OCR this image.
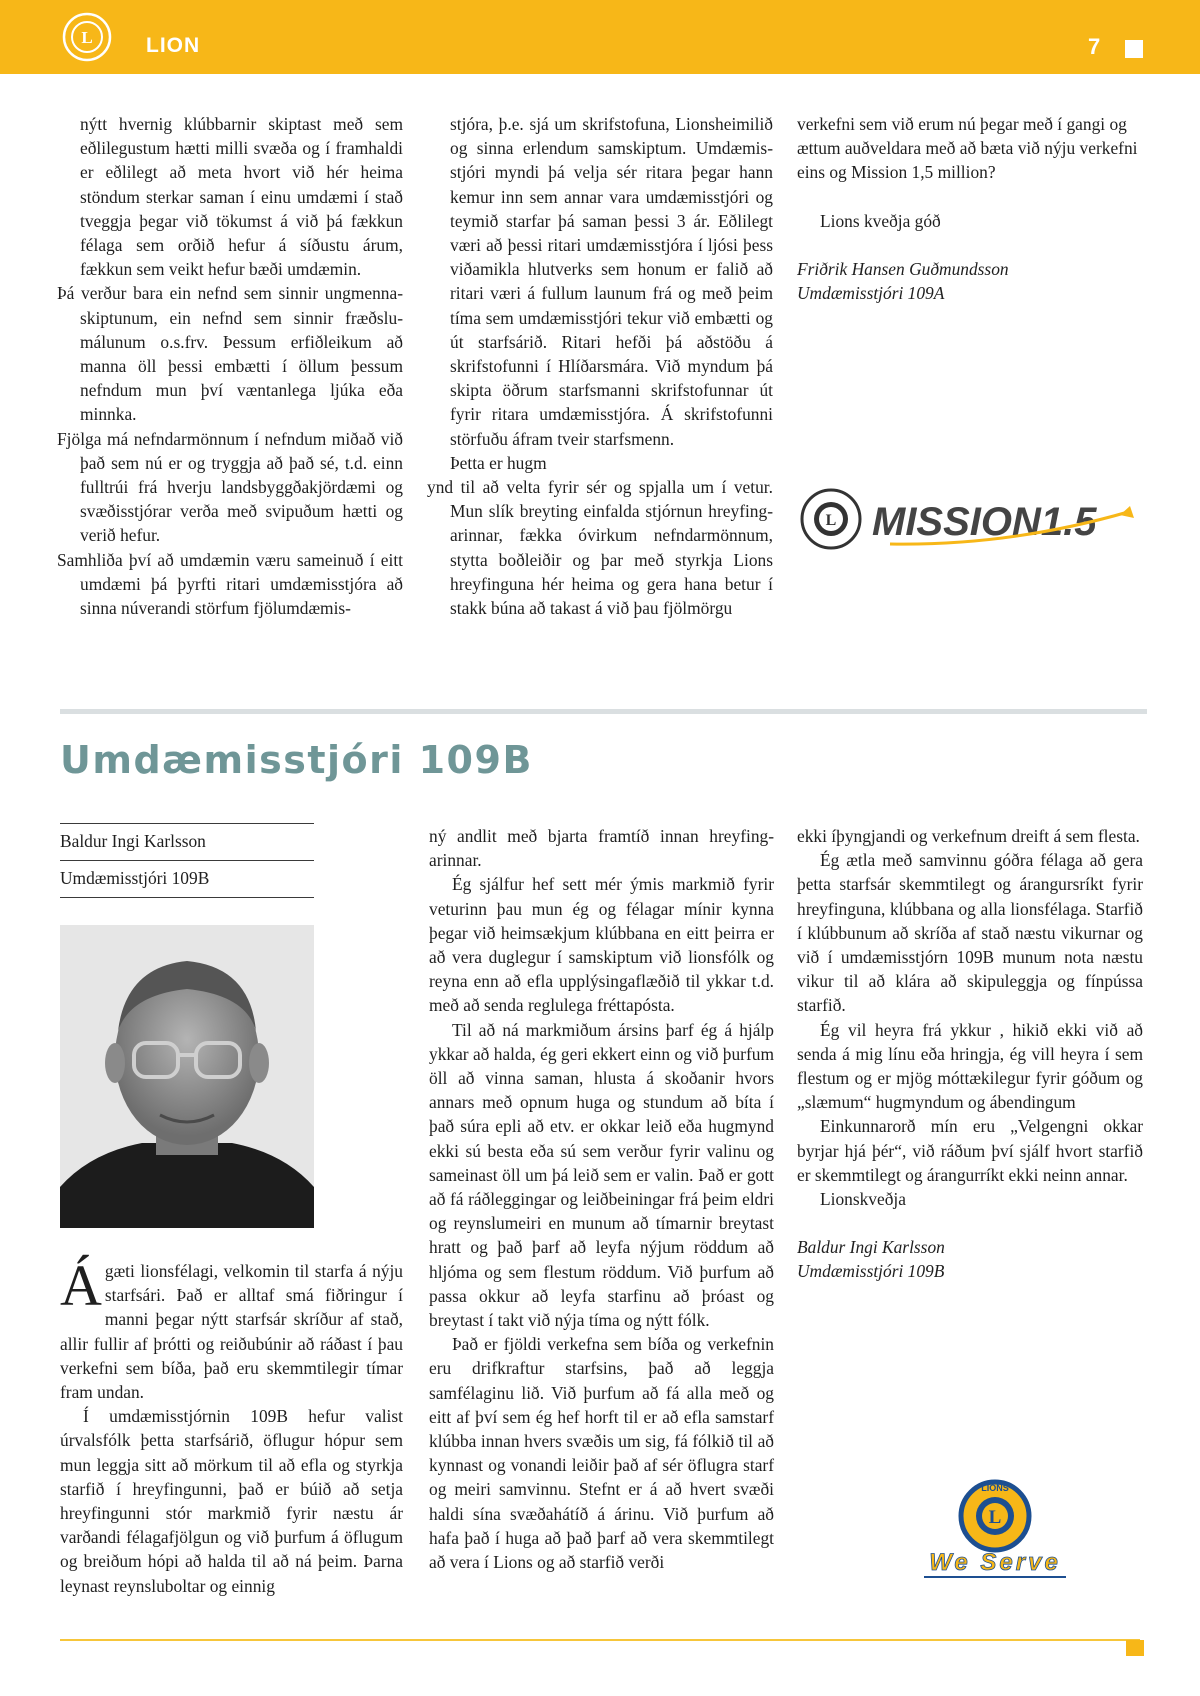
L	LION	7

nýtt hvernig klúbbarnir skiptast með sem eðlilegustum hætti milli svæða og í framhaldi er eðlilegt að meta hvort við hér heima stöndum sterkar saman í einu umdæmi í stað tveggja þegar við tökumst á við þá fækkun félaga sem orðið hefur á síðustu árum, fækkun sem veikt hefur bæði umdæmin.

Þá verður bara ein nefnd sem sinnir ungmenna-skiptunum, ein nefnd sem sinnir fræðslu-málunum o.s.frv. Þessum erfiðleikum að manna öll þessi embætti í öllum þessum nefndum mun því væntanlega ljúka eða minnka.

Fjölga má nefndarmönnum í nefndum miðað við það sem nú er og tryggja að það sé, t.d. einn fulltrúi frá hverju landsbyggðakjördæmi og svæðisstjórar verða með svipuðum hætti og verið hefur.

Samhliða því að umdæmin væru sameinuð í eitt umdæmi þá þyrfti ritari umdæmisstjóra að sinna núverandi störfum fjölumdæmis-

stjóra, þ.e. sjá um skrifstofuna, Lionsheimilið og sinna erlendum samskiptum. Umdæmis-stjóri myndi þá velja sér ritara þegar hann kemur inn sem annar vara umdæmisstjóri og teymið starfar þá saman þessi 3 ár. Eðlilegt væri að þessi ritari umdæmisstjóra í ljósi þess viðamikla hlutverks sem honum er falið að ritari væri á fullum launum frá og með þeim tíma sem umdæmisstjóri tekur við embætti og út starfsárið. Ritari hefði þá aðstöðu á skrifstofunni í Hlíðarsmára. Við myndum þá skipta öðrum starfsmanni skrifstofunnar út fyrir ritara umdæmisstjóra. Á skrifstofunni störfuðu áfram tveir starfsmenn.

Þetta er hugm

ynd til að velta fyrir sér og spjalla um í vetur. Mun slík breyting einfalda stjórnun hreyfing-arinnar, fækka óvirkum nefndarmönnum, stytta boðleiðir og þar með styrkja Lions hreyfinguna hér heima og gera hana betur í stakk búna að takast á við þau fjölmörgu

verkefni sem við erum nú þegar með í gangi og ættum auðveldara með að bæta við nýju verkefni eins og Mission 1,5 million?

Lions kveðja góð

Friðrik Hansen Guðmundsson

Umdæmisstjóri 109A

L MISSION1.5
Umdæmisstjóri 109B
Baldur Ingi Karlsson
Umdæmisstjóri 109B

Ágæti lionsfélagi, velkomin til starfa á nýju starfsári. Það er alltaf smá fiðringur í manni þegar nýtt starfsár skríður af stað, allir fullir af þrótti og reiðubúnir að ráðast í þau verkefni sem bíða, það eru skemmtilegir tímar fram undan.

Í umdæmisstjórnin 109B hefur valist úrvalsfólk þetta starfsárið, öflugur hópur sem mun leggja sitt að mörkum til að efla og styrkja starfið í hreyfingunni, það er búið að setja hreyfingunni stór markmið fyrir næstu ár varðandi félagafjölgun og við þurfum á öflugum og breiðum hópi að halda til að ná þeim. Þarna leynast reynsluboltar og einnig

ný andlit með bjarta framtíð innan hreyfing-arinnar.

Ég sjálfur hef sett mér ýmis markmið fyrir veturinn þau mun ég og félagar mínir kynna þegar við heimsækjum klúbbana en eitt þeirra er að vera duglegur í samskiptum við lionsfólk og reyna enn að efla upplýsingaflæðið til ykkar t.d. með að senda reglulega fréttapósta.

Til að ná markmiðum ársins þarf ég á hjálp ykkar að halda, ég geri ekkert einn og við þurfum öll að vinna saman, hlusta á skoðanir hvors annars með opnum huga og stundum að bíta í það súra epli að etv. er okkar leið eða hugmynd ekki sú besta eða sú sem verður fyrir valinu og sameinast öll um þá leið sem er valin. Það er gott að fá ráðleggingar og leiðbeiningar frá þeim eldri og reynslumeiri en munum að tímarnir breytast hratt og það þarf að leyfa nýjum röddum að hljóma og sem flestum röddum. Við þurfum að passa okkur að leyfa starfinu að þróast og breytast í takt við nýja tíma og nýtt fólk.

Það er fjöldi verkefna sem bíða og verkefnin eru drifkraftur starfsins, það að leggja samfélaginu lið. Við þurfum að fá alla með og eitt af því sem ég hef horft til er að efla samstarf klúbba innan hvers svæðis um sig, fá fólkið til að kynnast og vonandi leiðir það af sér öflugra starf og meiri samvinnu. Stefnt er á að hvert svæði haldi sína svæðahátíð á árinu. Við þurfum að hafa það í huga að það þarf að vera skemmtilegt að vera í Lions og að starfið verði

ekki íþyngjandi og verkefnum dreift á sem flesta.

Ég ætla með samvinnu góðra félaga að gera þetta starfsár skemmtilegt og árangursríkt fyrir hreyfinguna, klúbbana og alla lionsfélaga. Starfið í klúbbunum að skríða af stað næstu vikurnar og við í umdæmisstjórn 109B munum nota næstu vikur til að klára að skipuleggja og fínpússa starfið.

Ég vil heyra frá ykkur , hikið ekki við að senda á mig línu eða hringja, ég vill heyra í sem flestum og er mjög móttækilegur fyrir góðum og „slæmum“ hugmyndum og ábendingum

Einkunnarorð mín eru „Velgengni okkar byrjar hjá þér“, við ráðum því sjálf hvort starfið er skemmtilegt og árangurríkt ekki neinn annar.

Lionskveðja

Baldur Ingi Karlsson

Umdæmisstjóri 109B

L
LIONS
We Serve
